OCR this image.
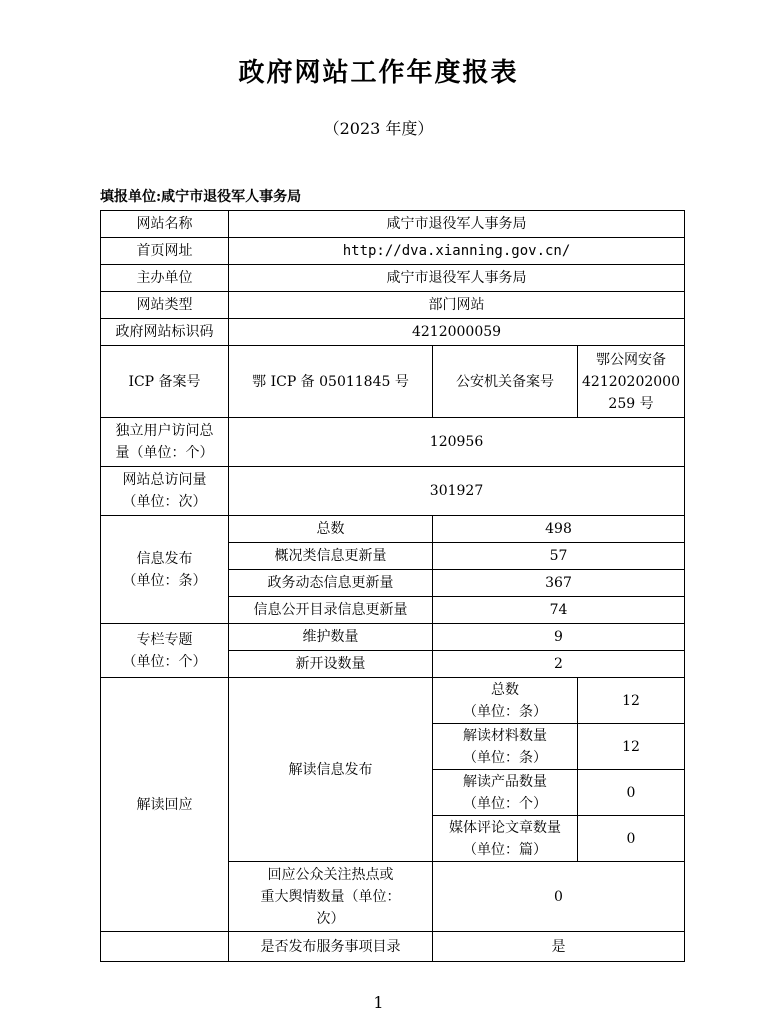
政府网站工作年度报表
（2023 年度）
填报单位:咸宁市退役军人事务局
网站名称	咸宁市退役军人事务局		
首页网址	http://dva.xianning.gov.cn/		
主办单位	咸宁市退役军人事务局		
网站类型	部门网站		
政府网站标识码	4212000059		
ICP 备案号	鄂 ICP 备 05011845 号	公安机关备案号	鄂公网安备
42120202000
259 号

独立用户访问总
量（单位：个）	120956		

网站总访问量
（单位：次）	301927		

信息发布
（单位：条）	总数	498	
	概况类信息更新量	57	
	政务动态信息更新量	367	
	信息公开目录信息更新量	74	

专栏专题
（单位：个）	维护数量	9	
	新开设数量	2	
解读回应	解读信息发布	总数
（单位：条）	12

		解读材料数量
（单位：条）	12

		解读产品数量
（单位：个）	0

		媒体评论文章数量
（单位：篇）	0

	回应公众关注热点或
重大舆情数量（单位：
次）	0	
	是否发布服务事项目录	是	
1
